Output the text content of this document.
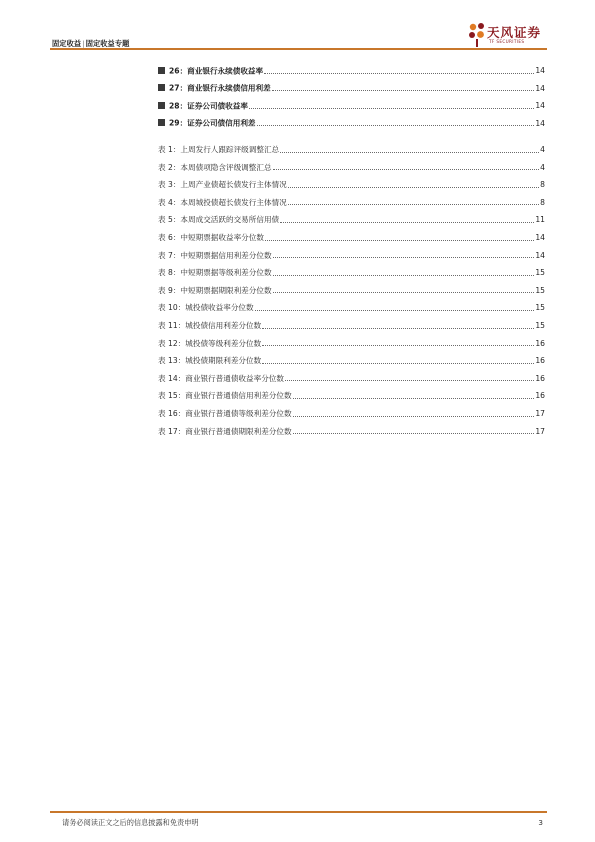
固定收益|固定收益专题
天风证券
TF SECURITIES
26：商业银行永续债收益率	14
27：商业银行永续债信用利差	14
28：证券公司债收益率	14
29：证券公司债信用利差	14
表 1：上周发行人跟踪评级调整汇总	4
表 2：本周债项隐含评级调整汇总	4
表 3：上周产业债超长债发行主体情况	8
表 4：本周城投债超长债发行主体情况	8
表 5：本周成交活跃的交易所信用债	11
表 6：中短期票据收益率分位数	14
表 7：中短期票据信用利差分位数	14
表 8：中短期票据等级利差分位数	15
表 9：中短期票据期限利差分位数	15
表 10：城投债收益率分位数	15
表 11：城投债信用利差分位数	15
表 12：城投债等级利差分位数	16
表 13：城投债期限利差分位数	16
表 14：商业银行普通债收益率分位数	16
表 15：商业银行普通债信用利差分位数	16
表 16：商业银行普通债等级利差分位数	17
表 17：商业银行普通债期限利差分位数	17
请务必阅读正文之后的信息披露和免责申明	3
